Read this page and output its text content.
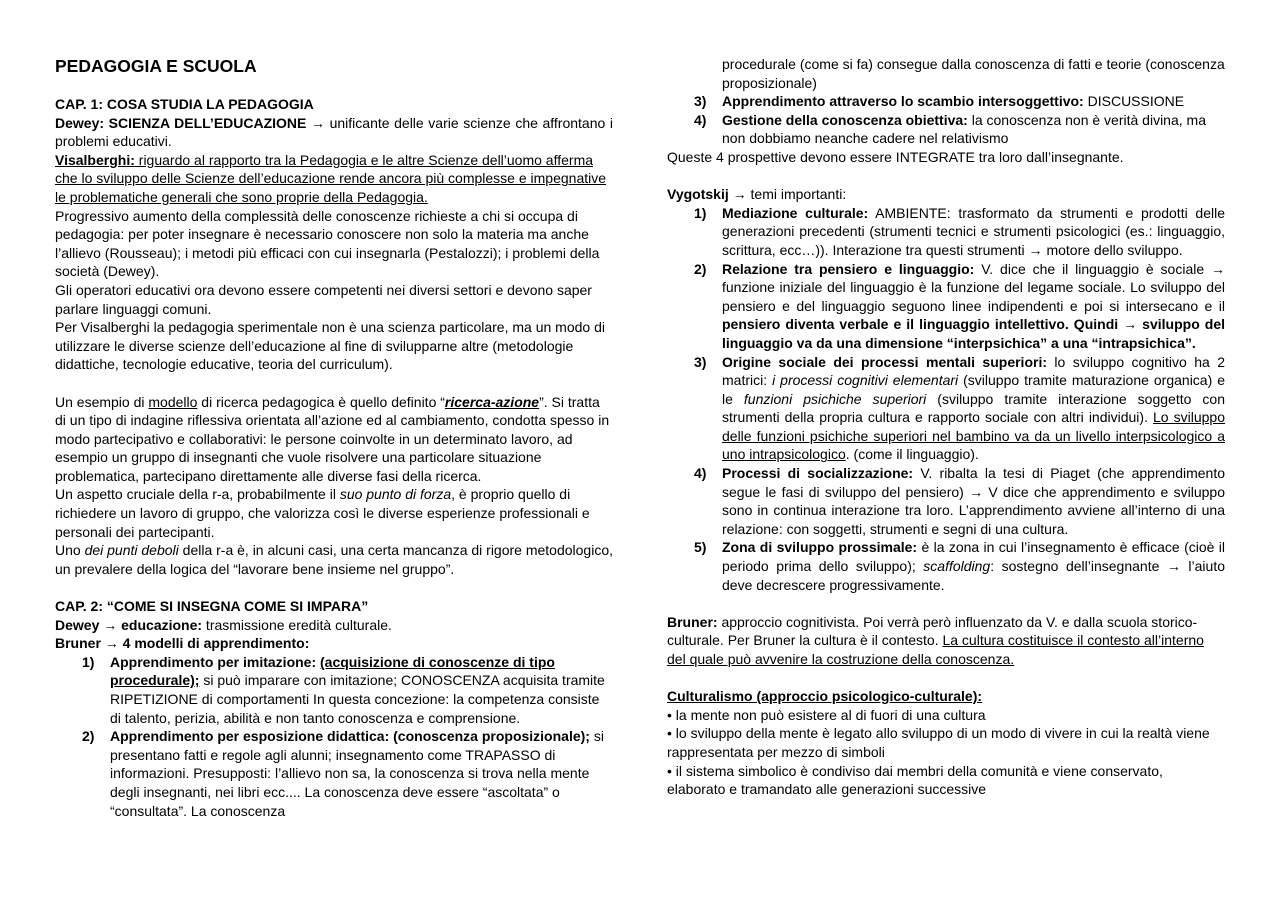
PEDAGOGIA E SCUOLA
CAP. 1: COSA STUDIA LA PEDAGOGIA
Dewey: SCIENZA DELL’EDUCAZIONE → unificante delle varie scienze che affrontano i problemi educativi.
Visalberghi: riguardo al rapporto tra la Pedagogia e le altre Scienze dell’uomo afferma che lo sviluppo delle Scienze dell’educazione rende ancora più complesse e impegnative le problematiche generali che sono proprie della Pedagogia.
Progressivo aumento della complessità delle conoscenze richieste a chi si occupa di pedagogia: per poter insegnare è necessario conoscere non solo la materia ma anche l’allievo (Rousseau); i metodi più efficaci con cui insegnarla (Pestalozzi); i problemi della società (Dewey).
Gli operatori educativi ora devono essere competenti nei diversi settori e devono saper parlare linguaggi comuni.
Per Visalberghi la pedagogia sperimentale non è una scienza particolare, ma un modo di utilizzare le diverse scienze dell’educazione al fine di svilupparne altre (metodologie didattiche, tecnologie educative, teoria del curriculum).
Un esempio di modello di ricerca pedagogica è quello definito “ricerca-azione”. Si tratta di un tipo di indagine riflessiva orientata all’azione ed al cambiamento, condotta spesso in modo partecipativo e collaborativi: le persone coinvolte in un determinato lavoro, ad esempio un gruppo di insegnanti che vuole risolvere una particolare situazione problematica, partecipano direttamente alle diverse fasi della ricerca.
Un aspetto cruciale della r-a, probabilmente il suo punto di forza, è proprio quello di richiedere un lavoro di gruppo, che valorizza così le diverse esperienze professionali e personali dei partecipanti.
Uno dei punti deboli della r-a è, in alcuni casi, una certa mancanza di rigore metodologico, un prevalere della logica del “lavorare bene insieme nel gruppo”.
CAP. 2: “COME SI INSEGNA COME SI IMPARA”
Dewey → educazione: trasmissione eredità culturale.
Bruner → 4 modelli di apprendimento:
1) Apprendimento per imitazione: (acquisizione di conoscenze di tipo procedurale); si può imparare con imitazione; CONOSCENZA acquisita tramite RIPETIZIONE di comportamenti In questa concezione: la competenza consiste di talento, perizia, abilità e non tanto conoscenza e comprensione.
2) Apprendimento per esposizione didattica: (conoscenza proposizionale); si presentano fatti e regole agli alunni; insegnamento come TRAPASSO di informazioni. Presupposti: l’allievo non sa, la conoscenza si trova nella mente degli insegnanti, nei libri ecc.... La conoscenza deve essere “ascoltata” o “consultata”. La conoscenza
procedurale (come si fa) consegue dalla conoscenza di fatti e teorie (conoscenza proposizionale)
3) Apprendimento attraverso lo scambio intersoggettivo: DISCUSSIONE
4) Gestione della conoscenza obiettiva: la conoscenza non è verità divina, ma non dobbiamo neanche cadere nel relativismo
Queste 4 prospettive devono essere INTEGRATE tra loro dall’insegnante.
Vygotskij → temi importanti:
1) Mediazione culturale: AMBIENTE: trasformato da strumenti e prodotti delle generazioni precedenti (strumenti tecnici e strumenti psicologici (es.: linguaggio, scrittura, ecc…)). Interazione tra questi strumenti → motore dello sviluppo.
2) Relazione tra pensiero e linguaggio: V. dice che il linguaggio è sociale → funzione iniziale del linguaggio è la funzione del legame sociale. Lo sviluppo del pensiero e del linguaggio seguono linee indipendenti e poi si intersecano e il pensiero diventa verbale e il linguaggio intellettivo. Quindi → sviluppo del linguaggio va da una dimensione “interpsichica” a una “intrapsichica”.
3) Origine sociale dei processi mentali superiori: lo sviluppo cognitivo ha 2 matrici: i processi cognitivi elementari (sviluppo tramite maturazione organica) e le funzioni psichiche superiori (sviluppo tramite interazione soggetto con strumenti della propria cultura e rapporto sociale con altri individui). Lo sviluppo delle funzioni psichiche superiori nel bambino va da un livello interpsicologico a uno intrapsicologico. (come il linguaggio).
4) Processi di socializzazione: V. ribalta la tesi di Piaget (che apprendimento segue le fasi di sviluppo del pensiero) → V dice che apprendimento e sviluppo sono in continua interazione tra loro. L’apprendimento avviene all’interno di una relazione: con soggetti, strumenti e segni di una cultura.
5) Zona di sviluppo prossimale: è la zona in cui l’insegnamento è efficace (cioè il periodo prima dello sviluppo); scaffolding: sostegno dell’insegnante → l’aiuto deve decrescere progressivamente.
Bruner: approccio cognitivista. Poi verrà però influenzato da V. e dalla scuola storico-culturale. Per Bruner la cultura è il contesto. La cultura costituisce il contesto all’interno del quale può avvenire la costruzione della conoscenza.
Culturalismo (approccio psicologico-culturale):
• la mente non può esistere al di fuori di una cultura
• lo sviluppo della mente è legato allo sviluppo di un modo di vivere in cui la realtà viene rappresentata per mezzo di simboli
• il sistema simbolico è condiviso dai membri della comunità e viene conservato, elaborato e tramandato alle generazioni successive
